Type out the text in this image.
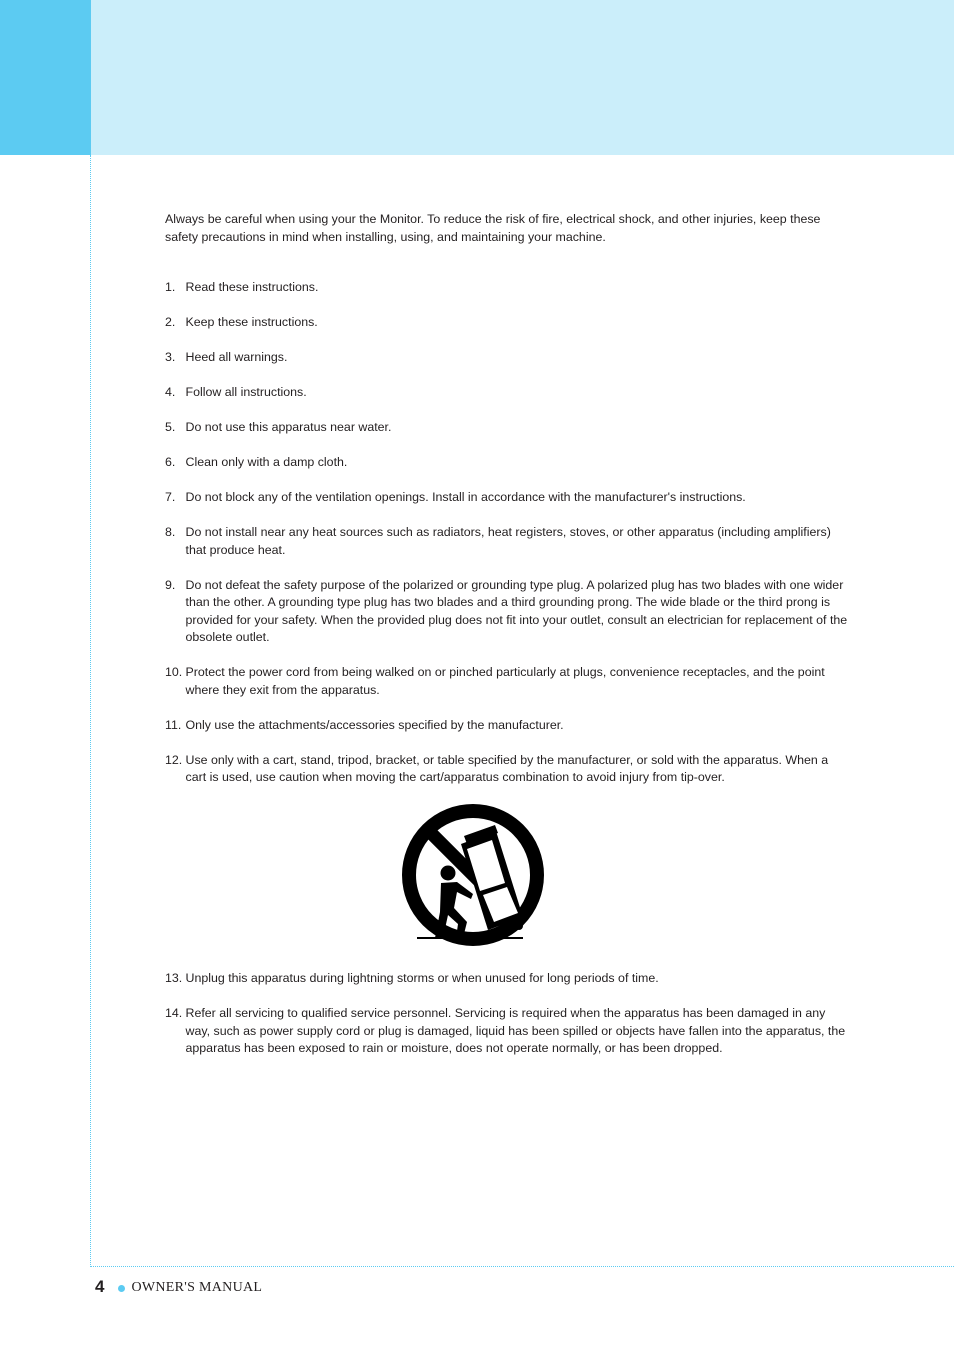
Always be careful when using your the Monitor. To reduce the risk of fire, electrical shock, and other injuries, keep these safety precautions in mind when installing, using, and maintaining your machine.

1. Read these instructions.
2. Keep these instructions.
3. Heed all warnings.
4. Follow all instructions.
5. Do not use this apparatus near water.
6. Clean only with a damp cloth.
7. Do not block any of the ventilation openings. Install in accordance with the manufacturer's instructions.
8. Do not install near any heat sources such as radiators, heat registers, stoves, or other apparatus (including amplifiers) that produce heat.
9. Do not defeat the safety purpose of the polarized or grounding type plug. A polarized plug has two blades with one wider than the other. A grounding type plug has two blades and a third grounding prong. The wide blade or the third prong is provided for your safety. When the provided plug does not fit into your outlet, consult an electrician for replacement of the obsolete outlet.
10. Protect the power cord from being walked on or pinched particularly at plugs, convenience receptacles, and the point where they exit from the apparatus.
11. Only use the attachments/accessories specified by the manufacturer.
12. Use only with a cart, stand, tripod, bracket, or table specified by the manufacturer, or sold with the apparatus. When a cart is used, use caution when moving the cart/apparatus combination to avoid injury from tip-over.
13. Unplug this apparatus during lightning storms or when unused for long periods of time.
14. Refer all servicing to qualified service personnel. Servicing is required when the apparatus has been damaged in any way, such as power supply cord or plug is damaged, liquid has been spilled or objects have fallen into the apparatus, the apparatus has been exposed to rain or moisture, does not operate normally, or has been dropped.
4 OWNER'S MANUAL
